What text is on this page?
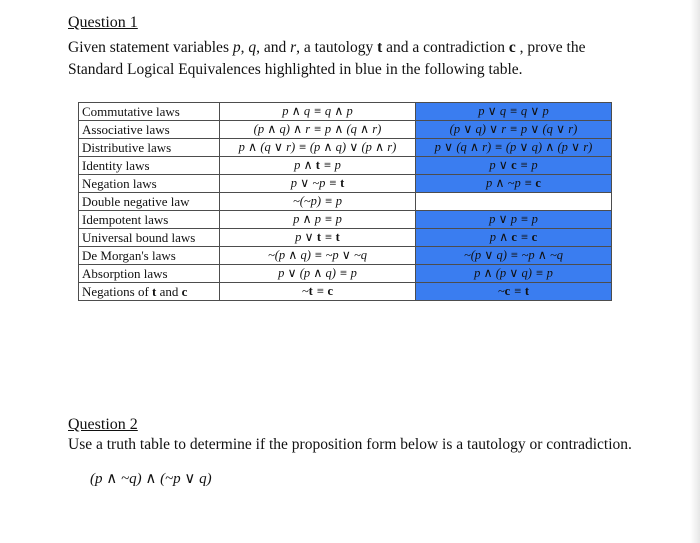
Question 1

Given statement variables p, q, and r, a tautology t and a contradiction c , prove the
Standard Logical Equivalences highlighted in blue in the following table.

Commutative laws	p ∧ q ≡ q ∧ p	p ∨ q ≡ q ∨ p
Associative laws	(p ∧ q) ∧ r ≡ p ∧ (q ∧ r)	(p ∨ q) ∨ r ≡ p ∨ (q ∨ r)
Distributive laws	p ∧ (q ∨ r) ≡ (p ∧ q) ∨ (p ∧ r)	p ∨ (q ∧ r) ≡ (p ∨ q) ∧ (p ∨ r)
Identity laws	p ∧ t ≡ p	p ∨ c ≡ p
Negation laws	p ∨ ~p ≡ t	p ∧ ~p ≡ c
Double negative law	~(~p) ≡ p	
Idempotent laws	p ∧ p ≡ p	p ∨ p ≡ p
Universal bound laws	p ∨ t ≡ t	p ∧ c ≡ c
De Morgan's laws	~(p ∧ q) ≡ ~p ∨ ~q	~(p ∨ q) ≡ ~p ∧ ~q
Absorption laws	p ∨ (p ∧ q) ≡ p	p ∧ (p ∨ q) ≡ p
Negations of t and c	~t ≡ c	~c ≡ t
Question 2

Use a truth table to determine if the proposition form below is a tautology or contradiction.

(p ∧ ~q) ∧ (~p ∨ q)
